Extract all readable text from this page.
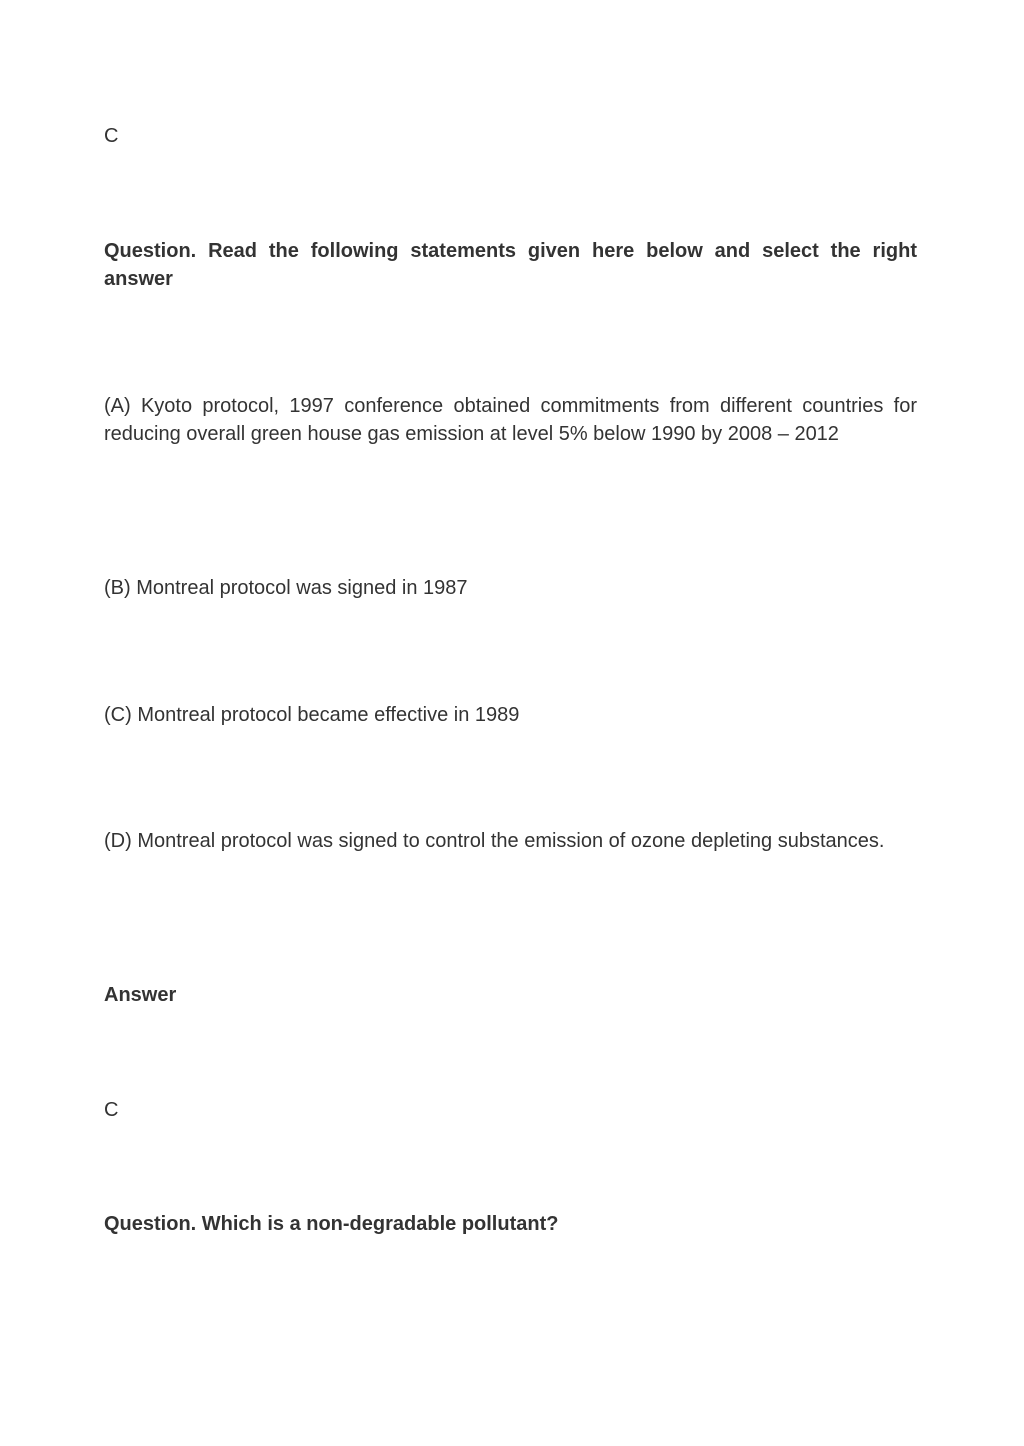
C

Question. Read the following statements given here below and select the right answer

(A) Kyoto protocol, 1997 conference obtained commitments from different countries for reducing overall green house gas emission at level 5% below 1990 by 2008 – 2012

(B) Montreal protocol was signed in 1987

(C) Montreal protocol became effective in 1989

(D) Montreal protocol was signed to control the emission of ozone depleting substances.

Answer

C

Question. Which is a non-degradable pollutant?
